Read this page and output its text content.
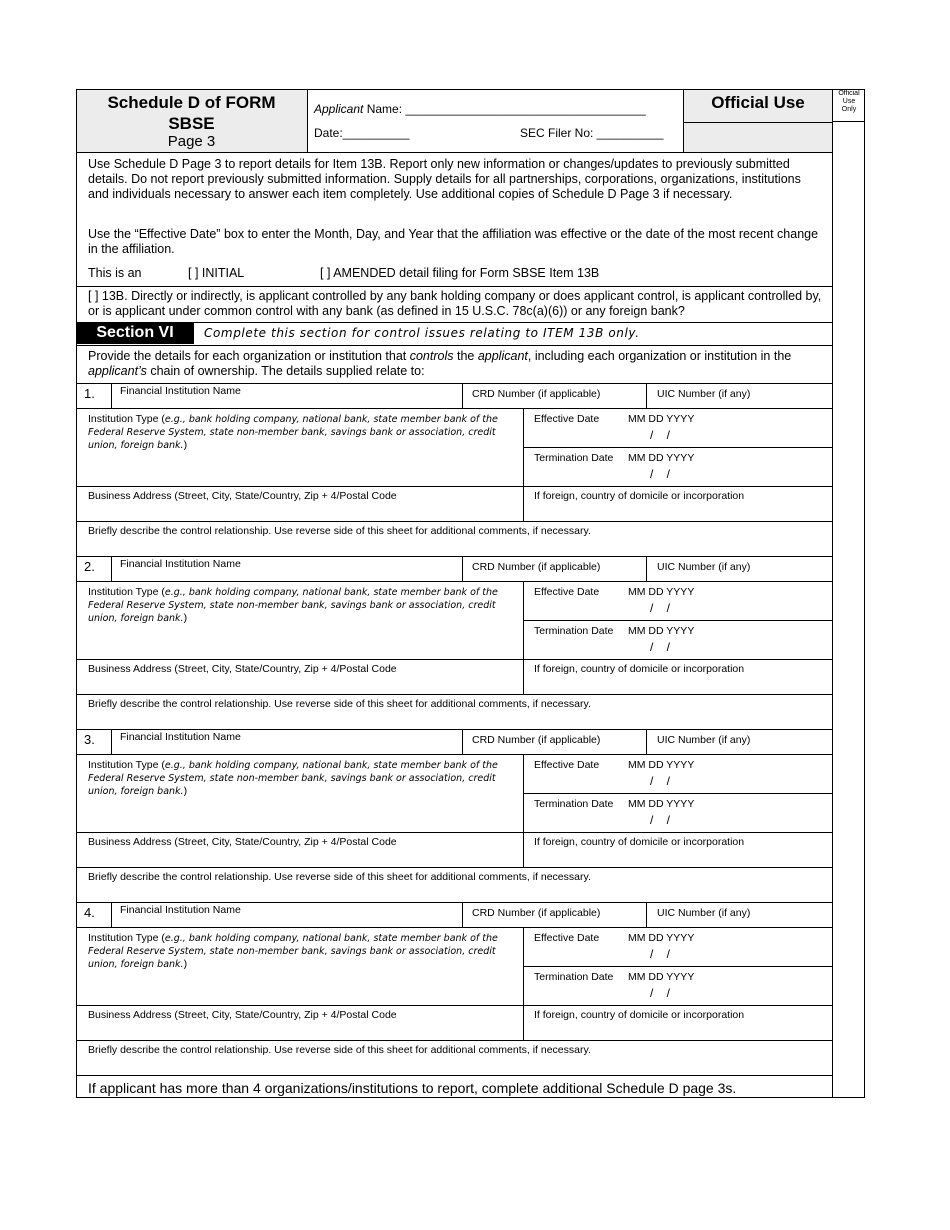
Schedule D of FORM
SBSE
Page 3
Applicant Name: ____________________________________
Date:__________	SEC Filer No: __________
Official Use	Official
Use
Only
Use Schedule D Page 3 to report details for Item 13B. Report only new information or changes/updates to previously submitted details. Do not report previously submitted information. Supply details for all partnerships, corporations, organizations, institutions and individuals necessary to answer each item completely. Use additional copies of Schedule D Page 3 if necessary.
Use the “Effective Date” box to enter the Month, Day, and Year that the affiliation was effective or the date of the most recent change in the affiliation.
This is an	[ ] INITIAL	[ ] AMENDED detail filing for Form SBSE Item 13B
[ ] 13B. Directly or indirectly, is applicant controlled by any bank holding company or does applicant control, is applicant controlled by, or is applicant under common control with any bank (as defined in 15 U.S.C. 78c(a)(6)) or any foreign bank?
Section VI	Complete this section for control issues relating to ITEM 13B only.
Provide the details for each organization or institution that controls the applicant, including each organization or institution in the applicant’s chain of ownership. The details supplied relate to:
1. Financial Institution Name	CRD Number (if applicable)	UIC Number (if any)
Institution Type (e.g., bank holding company, national bank, state member bank of the Federal Reserve System, state non-member bank, savings bank or association, credit union, foreign bank.)
Effective Date	MM DD YYYY
/    /
Termination Date MM DD YYYY
/    /
Business Address (Street, City, State/Country, Zip + 4/Postal Code	If foreign, country of domicile or incorporation
Briefly describe the control relationship. Use reverse side of this sheet for additional comments, if necessary.
2. Financial Institution Name	CRD Number (if applicable)	UIC Number (if any)
Institution Type (e.g., bank holding company, national bank, state member bank of the Federal Reserve System, state non-member bank, savings bank or association, credit union, foreign bank.)
Effective Date	MM DD YYYY
/    /
Termination Date MM DD YYYY
/    /
Business Address (Street, City, State/Country, Zip + 4/Postal Code	If foreign, country of domicile or incorporation
Briefly describe the control relationship. Use reverse side of this sheet for additional comments, if necessary.
3. Financial Institution Name	CRD Number (if applicable)	UIC Number (if any)
Institution Type (e.g., bank holding company, national bank, state member bank of the Federal Reserve System, state non-member bank, savings bank or association, credit union, foreign bank.)
Effective Date	MM DD YYYY
/    /
Termination Date MM DD YYYY
/    /
Business Address (Street, City, State/Country, Zip + 4/Postal Code	If foreign, country of domicile or incorporation
Briefly describe the control relationship. Use reverse side of this sheet for additional comments, if necessary.
4. Financial Institution Name	CRD Number (if applicable)	UIC Number (if any)
Institution Type (e.g., bank holding company, national bank, state member bank of the Federal Reserve System, state non-member bank, savings bank or association, credit union, foreign bank.)
Effective Date	MM DD YYYY
/    /
Termination Date MM DD YYYY
/    /
Business Address (Street, City, State/Country, Zip + 4/Postal Code	If foreign, country of domicile or incorporation
Briefly describe the control relationship. Use reverse side of this sheet for additional comments, if necessary.
If applicant has more than 4 organizations/institutions to report, complete additional Schedule D page 3s.
